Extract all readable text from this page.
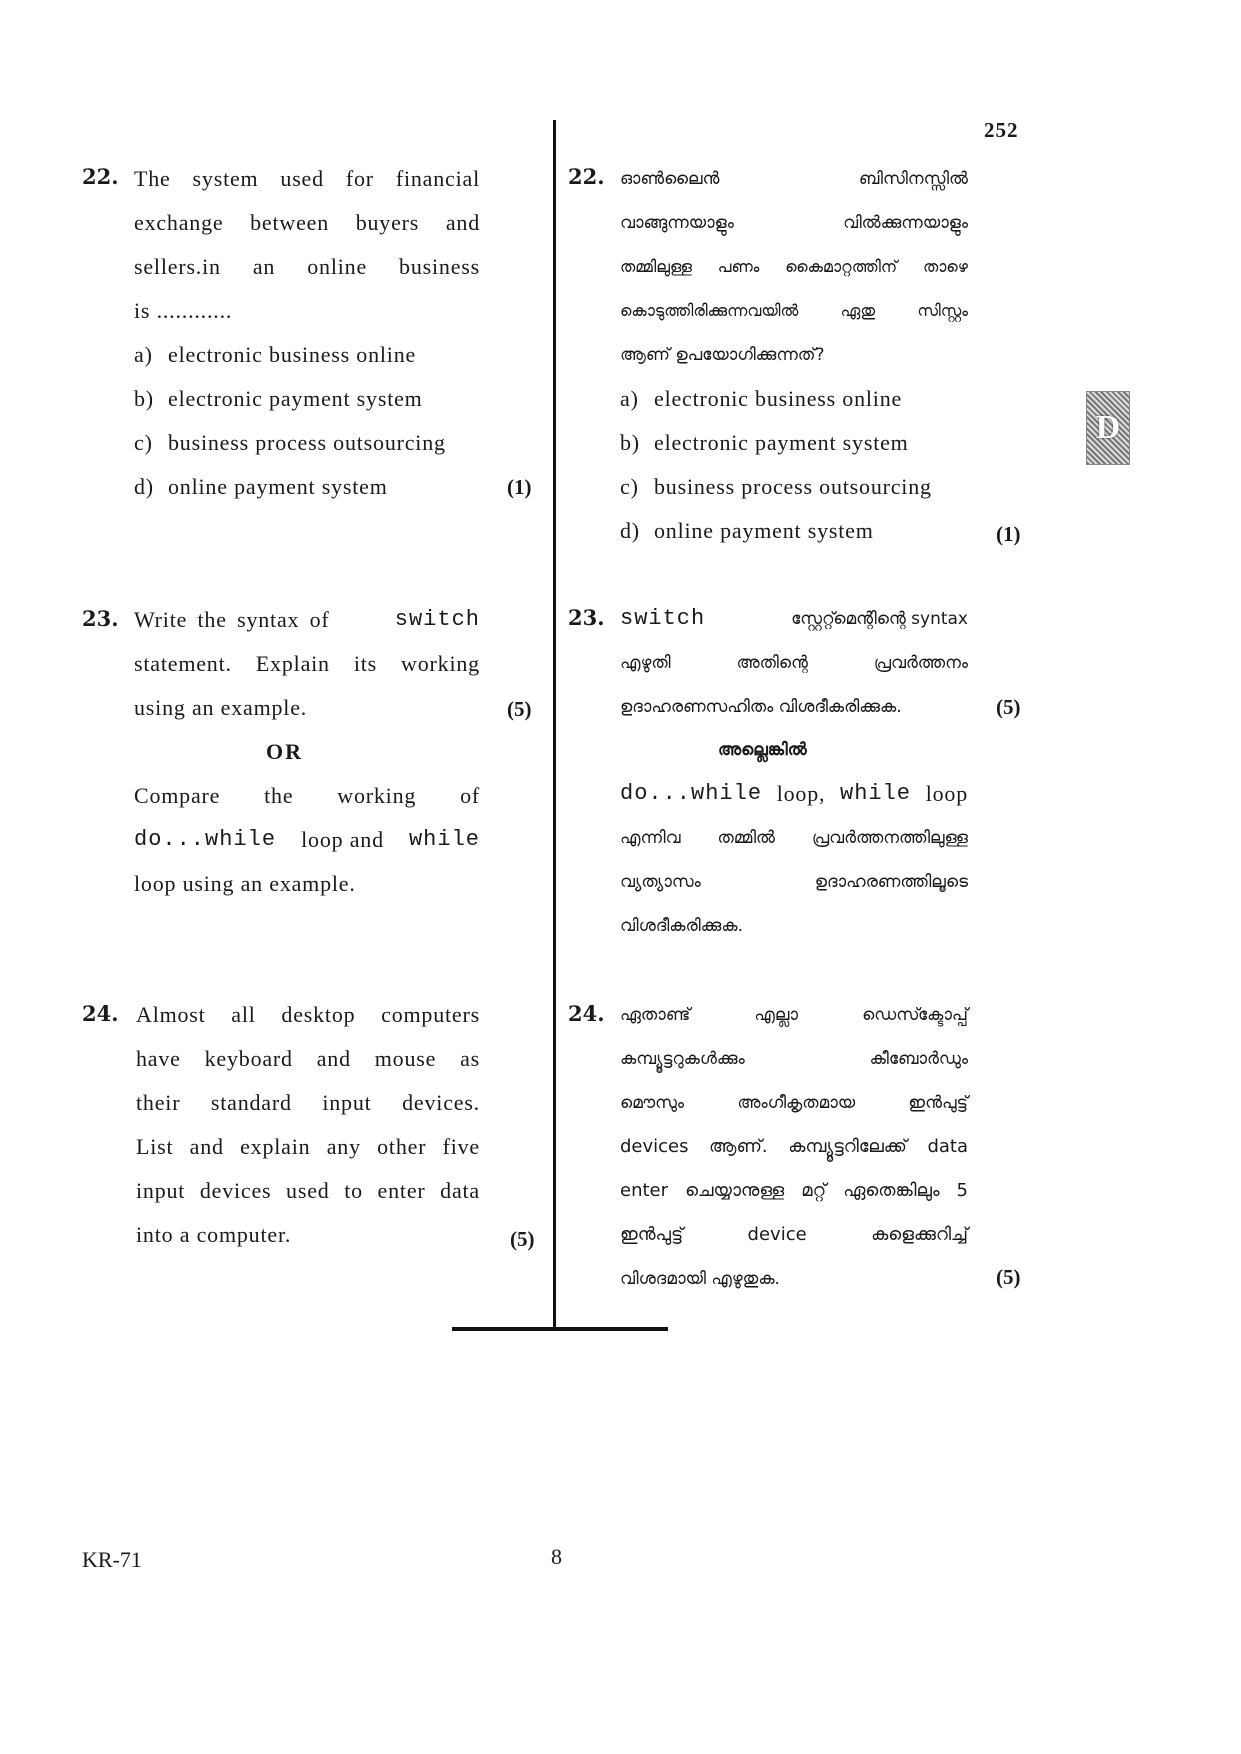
252
D
22. The system used for financial
exchange between buyers and
sellers.in an online business
is ............
a) electronic business online
b) electronic payment system
c) business process outsourcing
d) online payment system	(1)
23. Write the syntax of	switch
statement. Explain its working
using an example.	(5)
OR
Compare the working of
do...while loop and while
loop using an example.
24. Almost all desktop computers
have keyboard and mouse as
their standard input devices.
List and explain any other five
input devices used to enter data
into a computer.	(5)
22. ഓൺലൈൻ ബിസിനസ്സിൽ
വാങ്ങുന്നയാളും വിൽക്കുന്നയാളും
തമ്മിലുള്ള പണം കൈമാറ്റത്തിന് താഴെ
കൊടുത്തിരിക്കുന്നവയിൽ ഏതു സിസ്റ്റം
ആണ് ഉപയോഗിക്കുന്നത്?
a) electronic business online
b) electronic payment system
c) business process outsourcing
d) online payment system	(1)
23. switch	സ്റ്റേറ്റ്മെന്റിന്റെ syntax
എഴുതി അതിന്റെ പ്രവർത്തനം
ഉദാഹരണസഹിതം വിശദീകരിക്കുക.	(5)
അല്ലെങ്കിൽ
do...while loop, while loop
എന്നിവ തമ്മിൽ പ്രവർത്തനത്തിലുള്ള
വ്യത്യാസം ഉദാഹരണത്തിലൂടെ
വിശദീകരിക്കുക.
24. ഏതാണ്ട് എല്ലാ ഡെസ്ക്ടോപ്പ്
കമ്പ്യൂട്ടറുകൾക്കും കീബോർഡും
മൌസും അംഗീകൃതമായ ഇൻപുട്ട്
devices ആണ്. കമ്പ്യൂട്ടറിലേക്ക് data
enter ചെയ്യാനുള്ള മറ്റ് ഏതെങ്കിലും 5
ഇൻപുട്ട് device കളെക്കുറിച്ച്
വിശദമായി എഴുതുക.	(5)
KR-71	8
